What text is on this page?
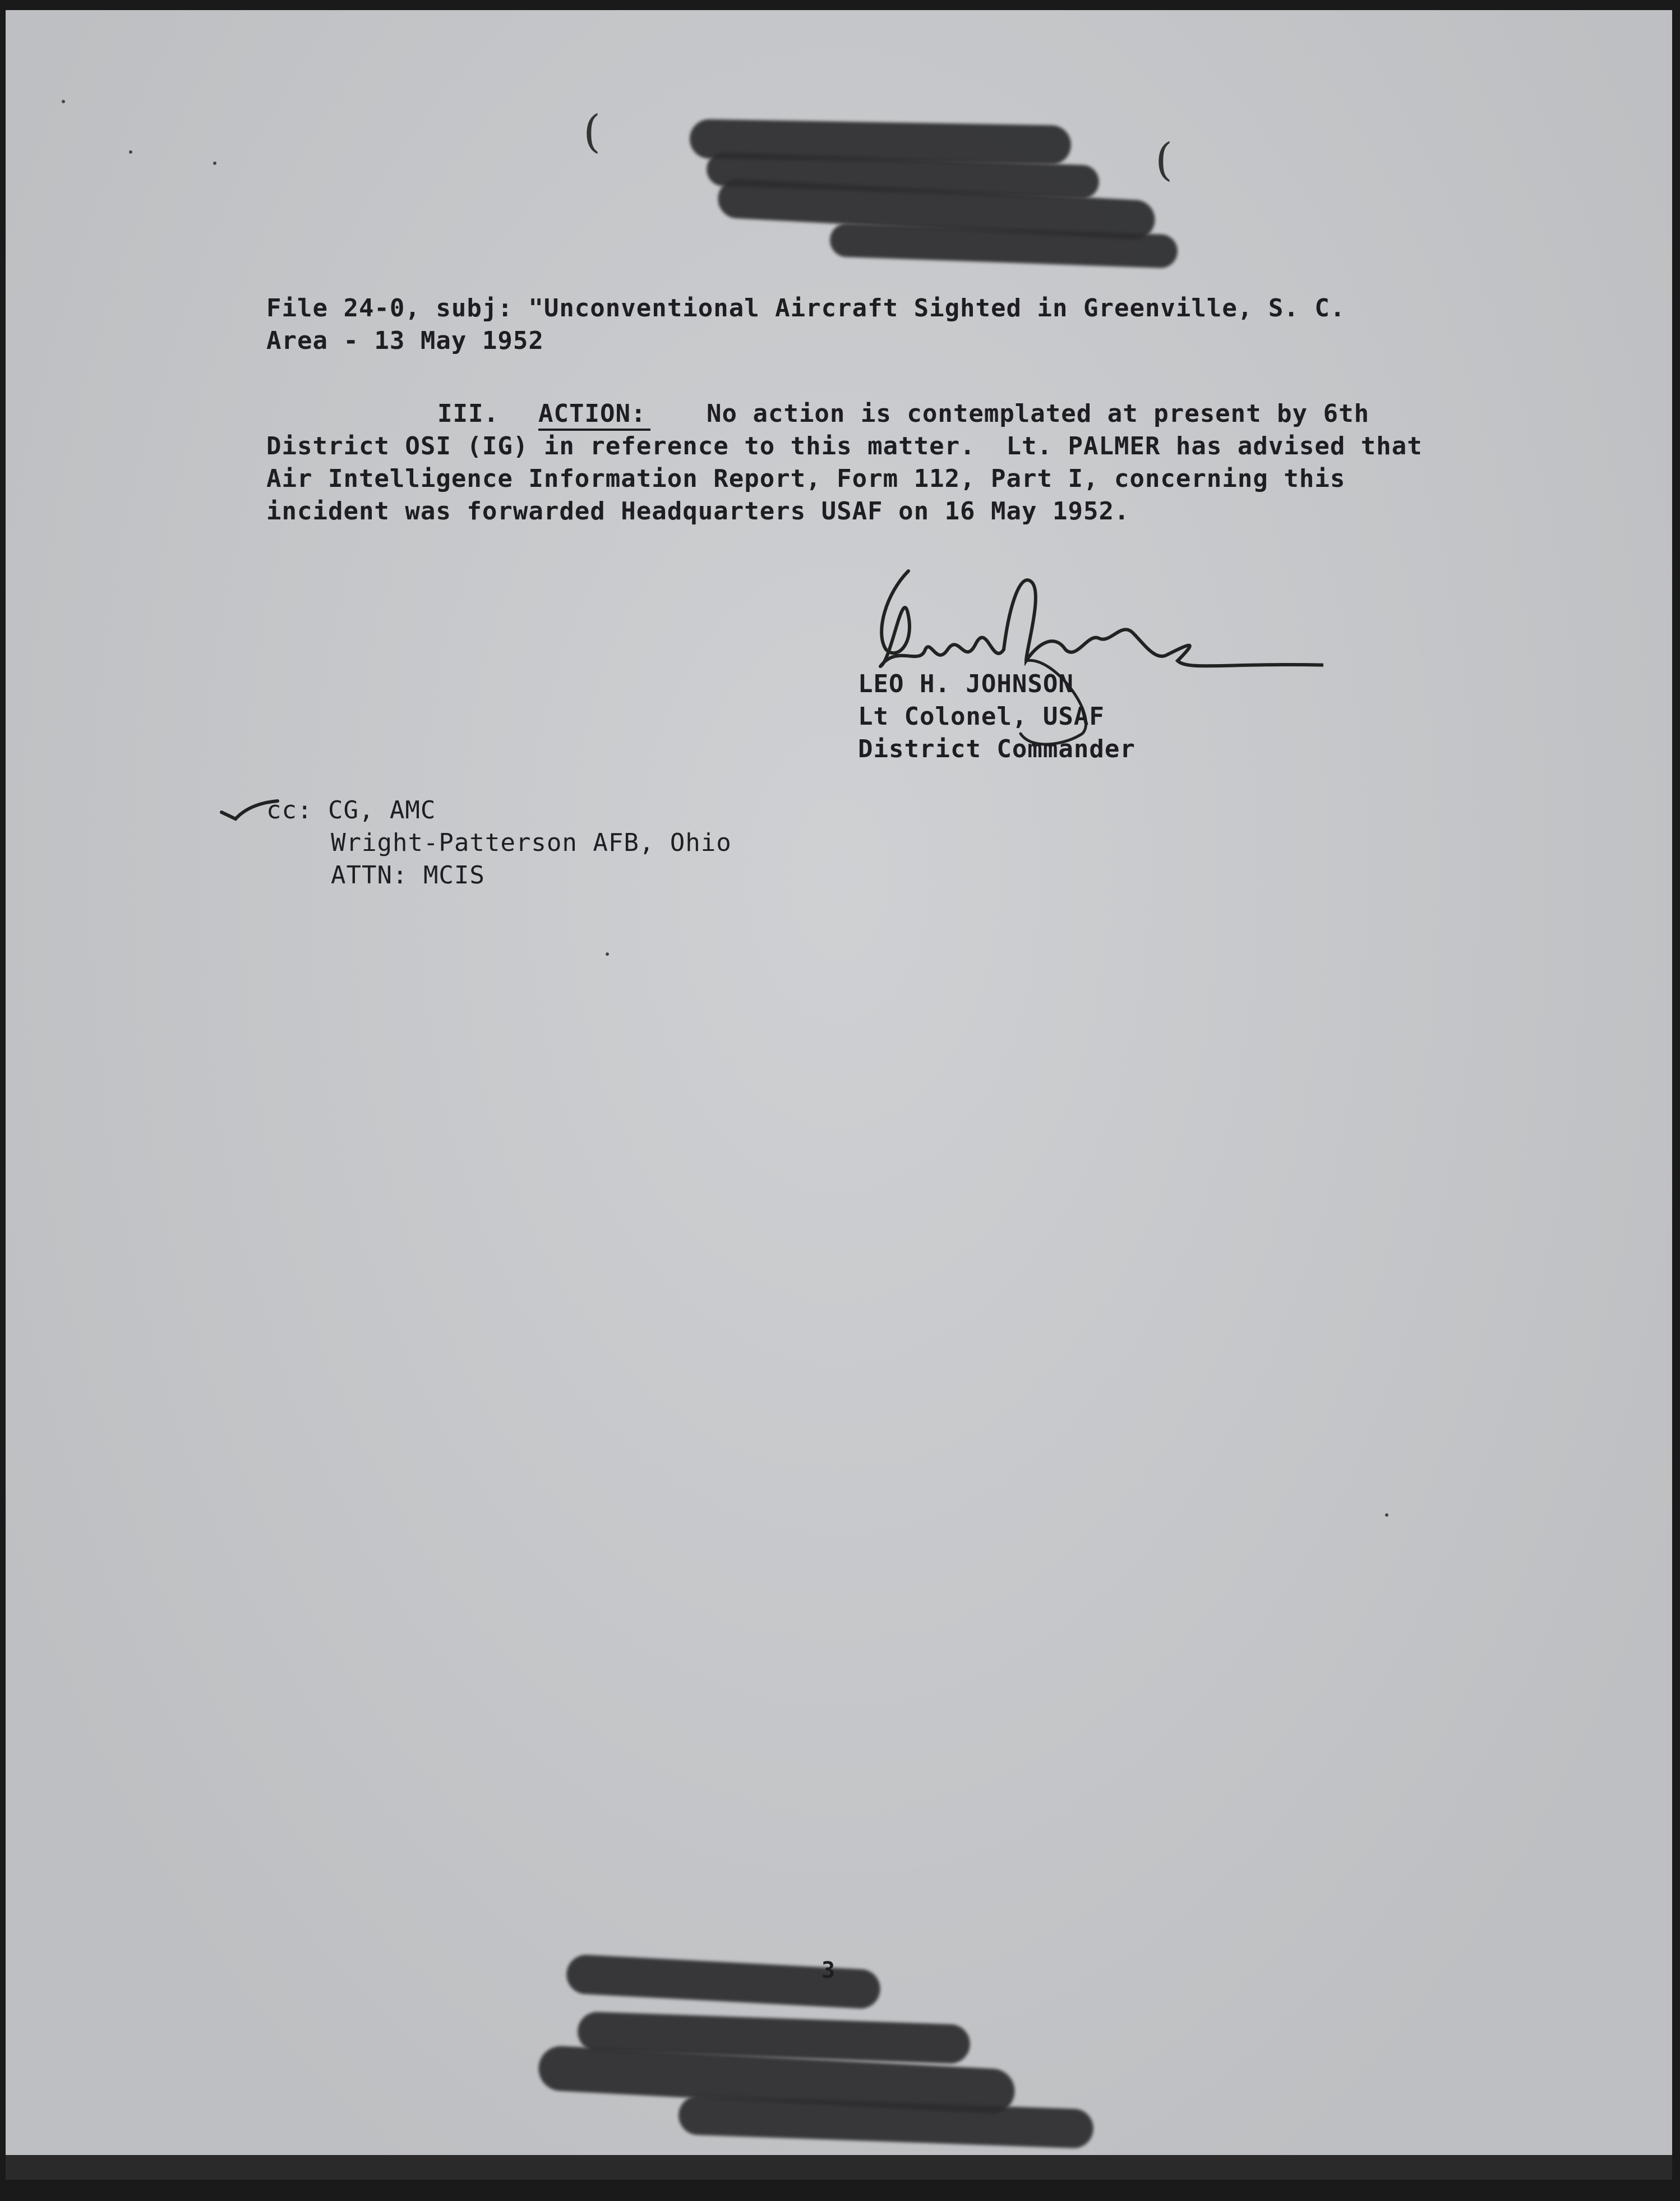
(
(
File 24-0, subj: "Unconventional Aircraft Sighted in Greenville, S. C.
Area - 13 May 1952
III. ACTION: No action is contemplated at present by 6th
District OSI (IG) in reference to this matter.  Lt. PALMER has advised that
Air Intelligence Information Report, Form 112, Part I, concerning this
incident was forwarded Headquarters USAF on 16 May 1952.
LEO H. JOHNSON
Lt Colonel, USAF
District Commander
cc: CG, AMC
Wright-Patterson AFB, Ohio
ATTN: MCIS
3
